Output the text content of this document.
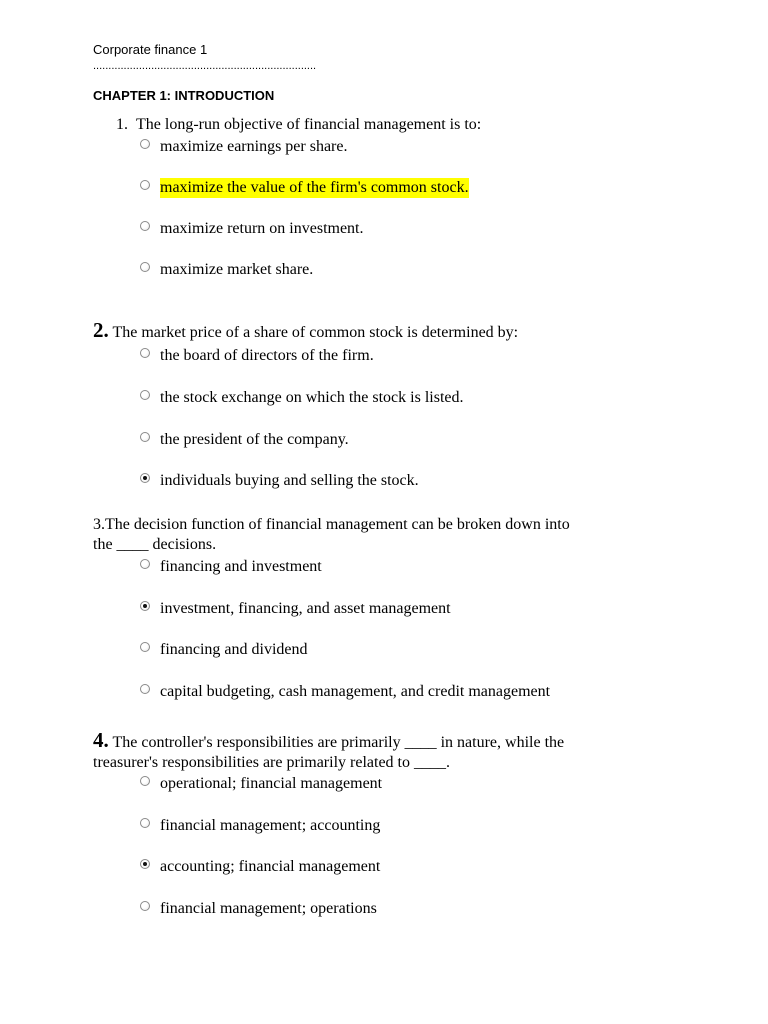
Corporate finance 1
.........................................................................
CHAPTER 1: INTRODUCTION
1. The long-run objective of financial management is to:
maximize earnings per share.
maximize the value of the firm's common stock.
maximize return on investment.
maximize market share.
2. The market price of a share of common stock is determined by:
the board of directors of the firm.
the stock exchange on which the stock is listed.
the president of the company.
individuals buying and selling the stock.
3.The decision function of financial management can be broken down into
the ____ decisions.
financing and investment
investment, financing, and asset management
financing and dividend
capital budgeting, cash management, and credit management
4. The controller's responsibilities are primarily ____ in nature, while the
treasurer's responsibilities are primarily related to ____.
operational; financial management
financial management; accounting
accounting; financial management
financial management; operations
